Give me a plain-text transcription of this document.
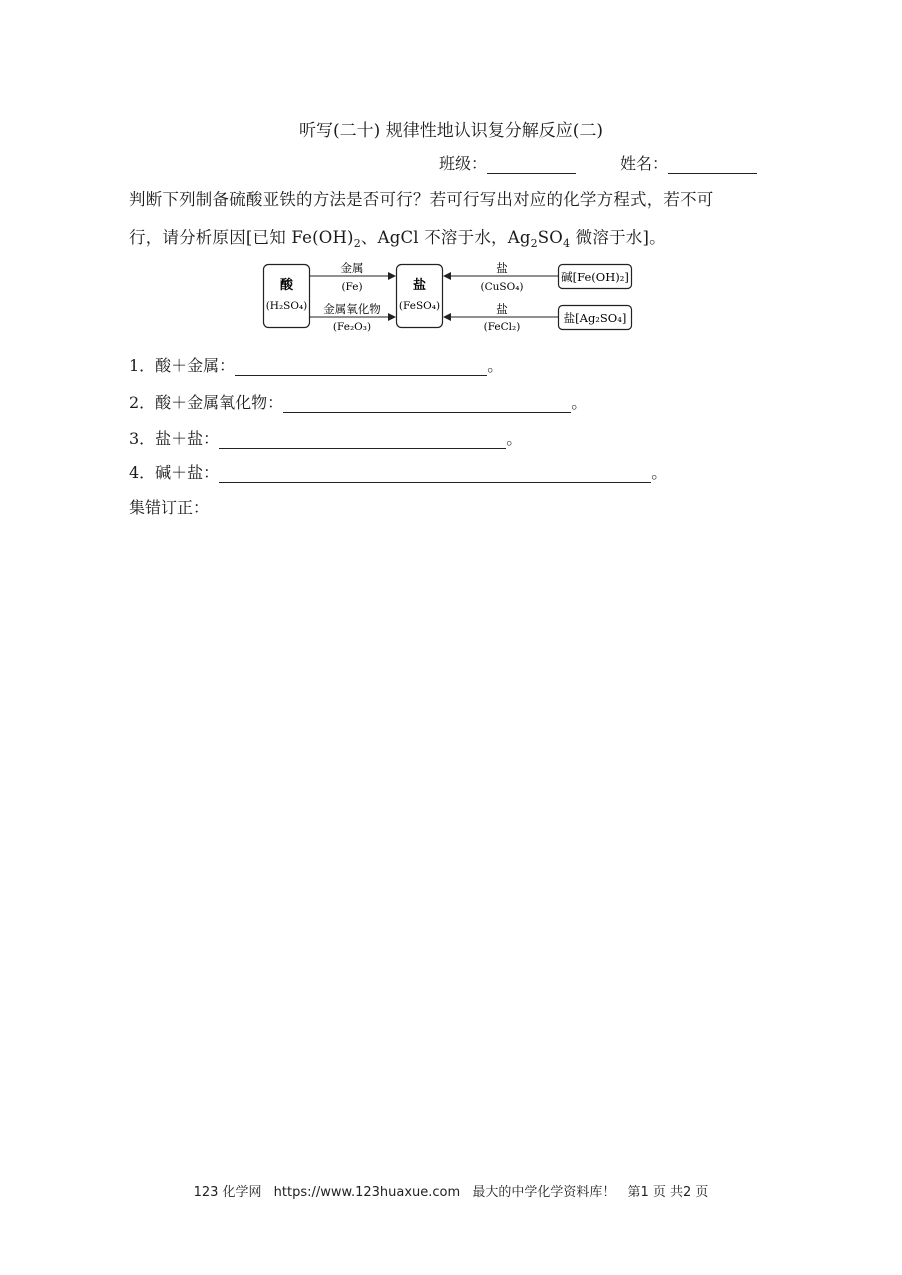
听写(二十) 规律性地认识复分解反应(二)
班级：	姓名：
判断下列制备硫酸亚铁的方法是否可行？若可行写出对应的化学方程式，若不可
行，请分析原因[已知 $Fe(OH)_2$、AgCl 不溶于水，$Ag_2SO_4$ 微溶于水]。
酸
(H₂SO₄)
盐
(FeSO₄)
碱[Fe(OH)₂]
盐[Ag₂SO₄]
金属
(Fe)
金属氧化物
(Fe₂O₃)
盐
(CuSO₄)
盐
(FeCl₂)
1．酸＋金属：	。
2．酸＋金属氧化物：	。
3．盐＋盐：	。
4．碱＋盐：	。
集错订正：
123 化学网 https://www.123huaxue.com 最大的中学化学资料库！ 第1 页 共2 页
